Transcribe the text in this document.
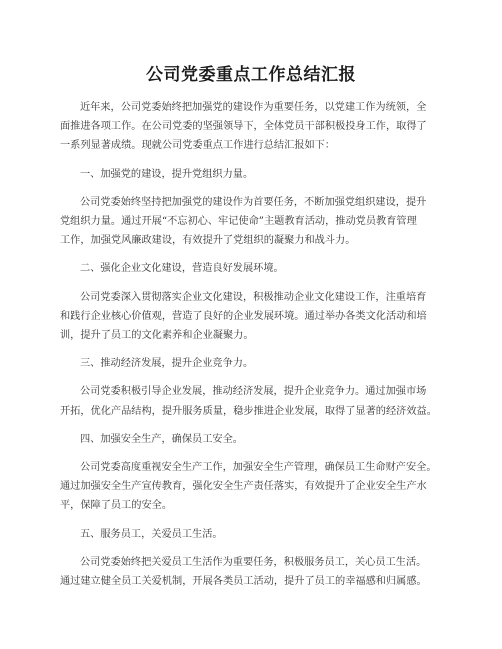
公司党委重点工作总结汇报

近年来，公司党委始终把加强党的建设作为重要任务，以党建工作为统领，全
面推进各项工作。在公司党委的坚强领导下，全体党员干部积极投身工作，取得了
一系列显著成绩。现就公司党委重点工作进行总结汇报如下：

一、加强党的建设，提升党组织力量。

公司党委始终坚持把加强党的建设作为首要任务，不断加强党组织建设，提升
党组织力量。通过开展“不忘初心、牢记使命”主题教育活动，推动党员教育管理
工作，加强党风廉政建设，有效提升了党组织的凝聚力和战斗力。

二、强化企业文化建设，营造良好发展环境。

公司党委深入贯彻落实企业文化建设，积极推动企业文化建设工作，注重培育
和践行企业核心价值观，营造了良好的企业发展环境。通过举办各类文化活动和培
训，提升了员工的文化素养和企业凝聚力。

三、推动经济发展，提升企业竞争力。

公司党委积极引导企业发展，推动经济发展，提升企业竞争力。通过加强市场
开拓，优化产品结构，提升服务质量，稳步推进企业发展，取得了显著的经济效益。

四、加强安全生产，确保员工安全。

公司党委高度重视安全生产工作，加强安全生产管理，确保员工生命财产安全。
通过加强安全生产宣传教育，强化安全生产责任落实，有效提升了企业安全生产水
平，保障了员工的安全。

五、服务员工，关爱员工生活。

公司党委始终把关爱员工生活作为重要任务，积极服务员工，关心员工生活。
通过建立健全员工关爱机制，开展各类员工活动，提升了员工的幸福感和归属感。
